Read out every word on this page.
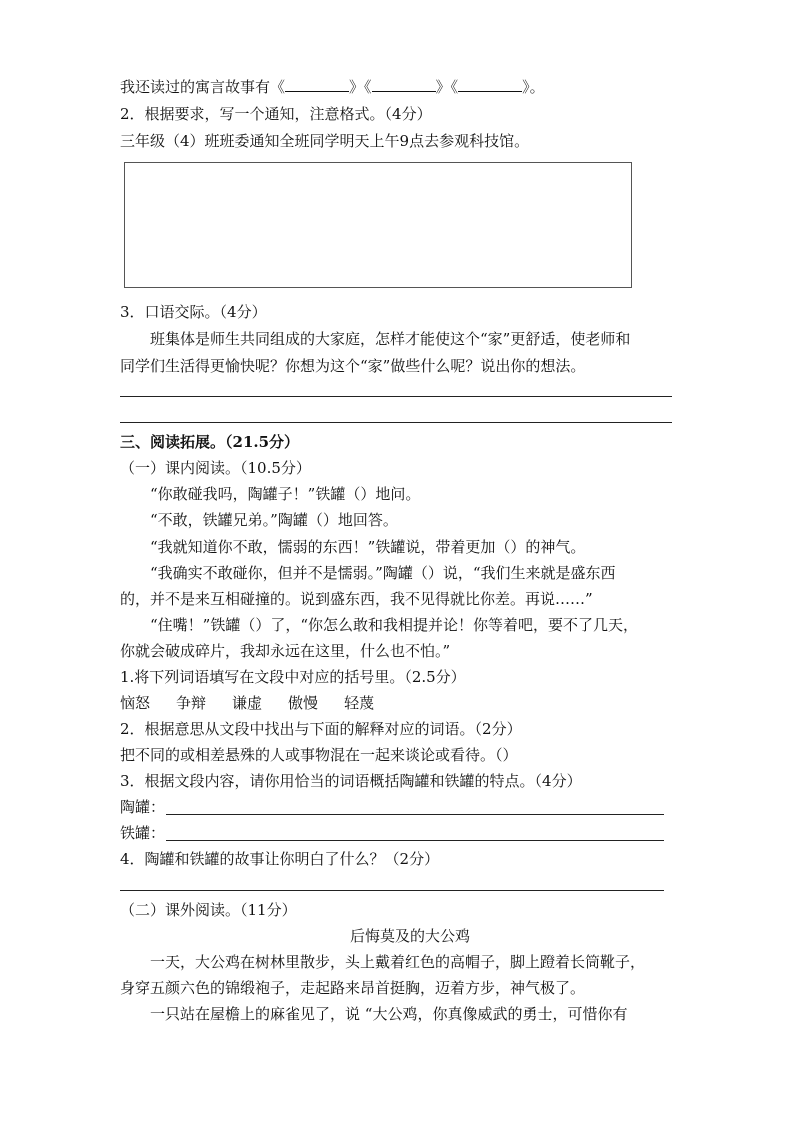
我还读过的寓言故事有《	》《	》《	》。
2．根据要求，写一个通知，注意格式。（4分）
三年级（4）班班委通知全班同学明天上午9点去参观科技馆。
3．口语交际。（4分）
班集体是师生共同组成的大家庭，怎样才能使这个“家”更舒适，使老师和
同学们生活得更愉快呢？你想为这个“家”做些什么呢？说出你的想法。
三、阅读拓展。（21.5分）
（一）课内阅读。（10.5分）
“你敢碰我吗，陶罐子！”铁罐（）地问。
“不敢，铁罐兄弟。”陶罐（）地回答。
“我就知道你不敢，懦弱的东西！”铁罐说，带着更加（）的神气。
“我确实不敢碰你，但并不是懦弱。”陶罐（）说，“我们生来就是盛东西
的，并不是来互相碰撞的。说到盛东西，我不见得就比你差。再说……”
“住嘴！”铁罐（）了，“你怎么敢和我相提并论！你等着吧，要不了几天，
你就会破成碎片，我却永远在这里，什么也不怕。”
1.将下列词语填写在文段中对应的括号里。（2.5分）
恼怒 争辩 谦虚 傲慢 轻蔑
2．根据意思从文段中找出与下面的解释对应的词语。（2分）
把不同的或相差悬殊的人或事物混在一起来谈论或看待。（）
3．根据文段内容，请你用恰当的词语概括陶罐和铁罐的特点。（4分）
陶罐：
铁罐：
4．陶罐和铁罐的故事让你明白了什么？（2分）
（二）课外阅读。（11分）
后悔莫及的大公鸡
一天，大公鸡在树林里散步，头上戴着红色的高帽子，脚上蹬着长筒靴子，
身穿五颜六色的锦缎袍子，走起路来昂首挺胸，迈着方步，神气极了。
一只站在屋檐上的麻雀见了，说 “大公鸡，你真像威武的勇士，可惜你有
